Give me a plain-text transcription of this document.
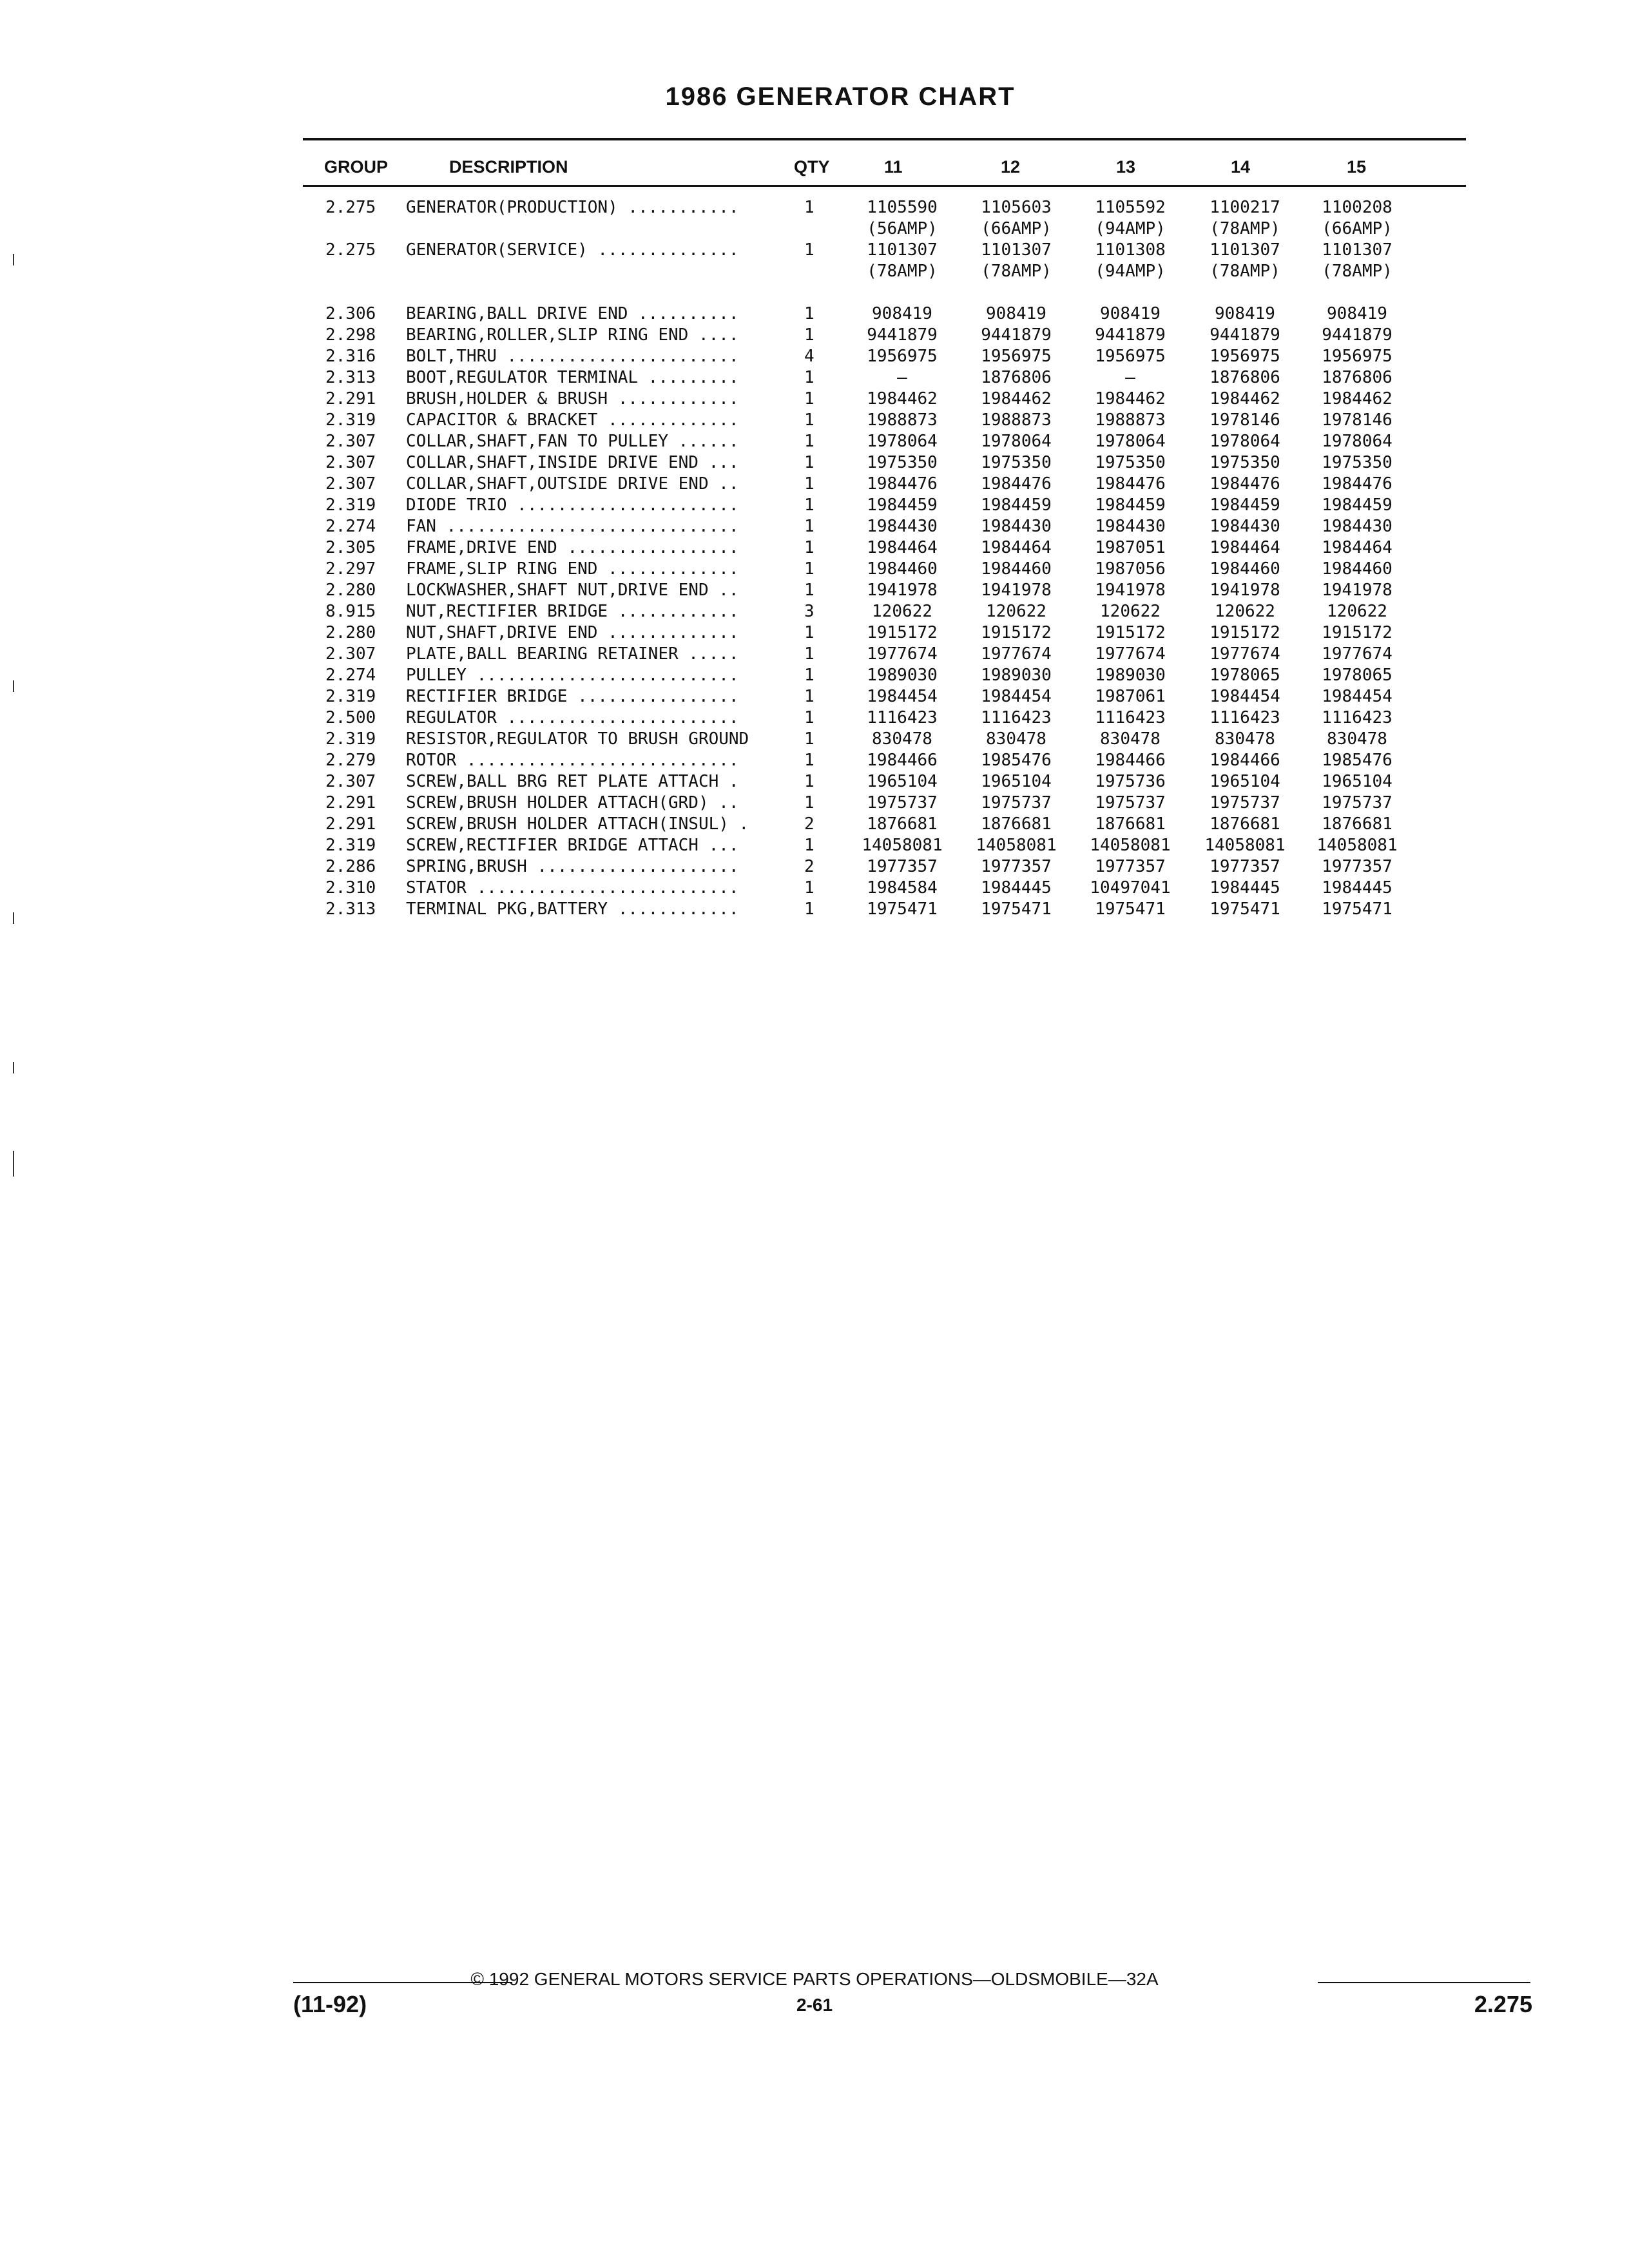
1986 GENERATOR CHART
GROUP	DESCRIPTION	QTY	11	12	13	14	15
2.275 GENERATOR(PRODUCTION) ...........	1	1105590	1105603	1105592	1100217	1100208
(56AMP)	(66AMP)	(94AMP)	(78AMP)	(66AMP)
2.275 GENERATOR(SERVICE) ..............	1	1101307	1101307	1101308	1101307	1101307
(78AMP)	(78AMP)	(94AMP)	(78AMP)	(78AMP)
2.306 BEARING,BALL DRIVE END ..........	1	908419	908419	908419	908419	908419
2.298 BEARING,ROLLER,SLIP RING END ....	1	9441879	9441879	9441879	9441879	9441879
2.316 BOLT,THRU .......................	4	1956975	1956975	1956975	1956975	1956975
2.313 BOOT,REGULATOR TERMINAL .........	1	—	1876806	—	1876806	1876806
2.291 BRUSH,HOLDER & BRUSH ............	1	1984462	1984462	1984462	1984462	1984462
2.319 CAPACITOR & BRACKET .............	1	1988873	1988873	1988873	1978146	1978146
2.307 COLLAR,SHAFT,FAN TO PULLEY ......	1	1978064	1978064	1978064	1978064	1978064
2.307 COLLAR,SHAFT,INSIDE DRIVE END ...	1	1975350	1975350	1975350	1975350	1975350
2.307 COLLAR,SHAFT,OUTSIDE DRIVE END ..	1	1984476	1984476	1984476	1984476	1984476
2.319 DIODE TRIO ......................	1	1984459	1984459	1984459	1984459	1984459
2.274 FAN .............................	1	1984430	1984430	1984430	1984430	1984430
2.305 FRAME,DRIVE END .................	1	1984464	1984464	1987051	1984464	1984464
2.297 FRAME,SLIP RING END .............	1	1984460	1984460	1987056	1984460	1984460
2.280 LOCKWASHER,SHAFT NUT,DRIVE END ..	1	1941978	1941978	1941978	1941978	1941978
8.915 NUT,RECTIFIER BRIDGE ............	3	120622	120622	120622	120622	120622
2.280 NUT,SHAFT,DRIVE END .............	1	1915172	1915172	1915172	1915172	1915172
2.307 PLATE,BALL BEARING RETAINER .....	1	1977674	1977674	1977674	1977674	1977674
2.274 PULLEY ..........................	1	1989030	1989030	1989030	1978065	1978065
2.319 RECTIFIER BRIDGE ................	1	1984454	1984454	1987061	1984454	1984454
2.500 REGULATOR .......................	1	1116423	1116423	1116423	1116423	1116423
2.319 RESISTOR,REGULATOR TO BRUSH GROUND	1	830478	830478	830478	830478	830478
2.279 ROTOR ...........................	1	1984466	1985476	1984466	1984466	1985476
2.307 SCREW,BALL BRG RET PLATE ATTACH .	1	1965104	1965104	1975736	1965104	1965104
2.291 SCREW,BRUSH HOLDER ATTACH(GRD) ..	1	1975737	1975737	1975737	1975737	1975737
2.291 SCREW,BRUSH HOLDER ATTACH(INSUL) .	2	1876681	1876681	1876681	1876681	1876681
2.319 SCREW,RECTIFIER BRIDGE ATTACH ...	1	14058081	14058081	14058081	14058081	14058081
2.286 SPRING,BRUSH ....................	2	1977357	1977357	1977357	1977357	1977357
2.310 STATOR ..........................	1	1984584	1984445	10497041	1984445	1984445
2.313 TERMINAL PKG,BATTERY ............	1	1975471	1975471	1975471	1975471	1975471
© 1992 GENERAL MOTORS SERVICE PARTS OPERATIONS—OLDSMOBILE—32A
(11-92)	2-61	2.275
